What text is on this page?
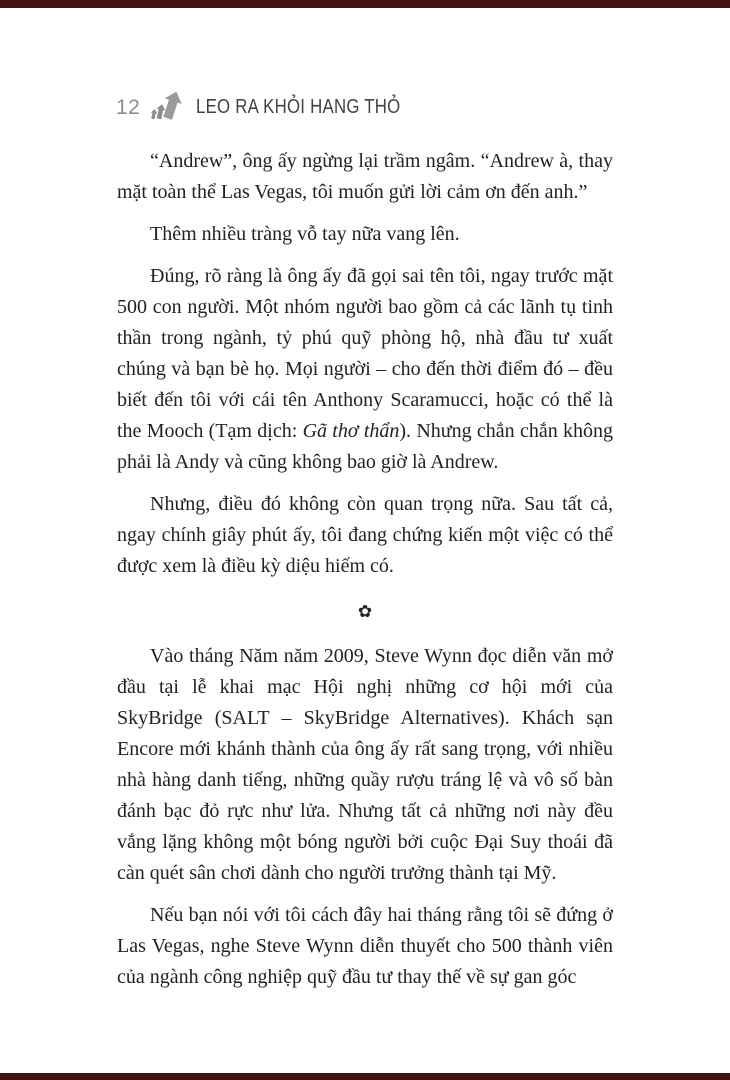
12	LEO RA KHỎI HANG THỎ

“Andrew”, ông ấy ngừng lại trầm ngâm. “Andrew à, thay mặt toàn thể Las Vegas, tôi muốn gửi lời cảm ơn đến anh.”

Thêm nhiều tràng vỗ tay nữa vang lên.

Đúng, rõ ràng là ông ấy đã gọi sai tên tôi, ngay trước mặt 500 con người. Một nhóm người bao gồm cả các lãnh tụ tinh thần trong ngành, tỷ phú quỹ phòng hộ, nhà đầu tư xuất chúng và bạn bè họ. Mọi người – cho đến thời điểm đó – đều biết đến tôi với cái tên Anthony Scaramucci, hoặc có thể là the Mooch (Tạm dịch: Gã thơ thẩn). Nhưng chắn chắn không phải là Andy và cũng không bao giờ là Andrew.

Nhưng, điều đó không còn quan trọng nữa. Sau tất cả, ngay chính giây phút ấy, tôi đang chứng kiến một việc có thể được xem là điều kỳ diệu hiếm có.

✿

Vào tháng Năm năm 2009, Steve Wynn đọc diễn văn mở đầu tại lễ khai mạc Hội nghị những cơ hội mới của SkyBridge (SALT – SkyBridge Alternatives). Khách sạn Encore mới khánh thành của ông ấy rất sang trọng, với nhiều nhà hàng danh tiếng, những quầy rượu tráng lệ và vô số bàn đánh bạc đỏ rực như lửa. Nhưng tất cả những nơi này đều vắng lặng không một bóng người bởi cuộc Đại Suy thoái đã càn quét sân chơi dành cho người trưởng thành tại Mỹ.

Nếu bạn nói với tôi cách đây hai tháng rằng tôi sẽ đứng ở Las Vegas, nghe Steve Wynn diễn thuyết cho 500 thành viên của ngành công nghiệp quỹ đầu tư thay thế về sự gan góc
